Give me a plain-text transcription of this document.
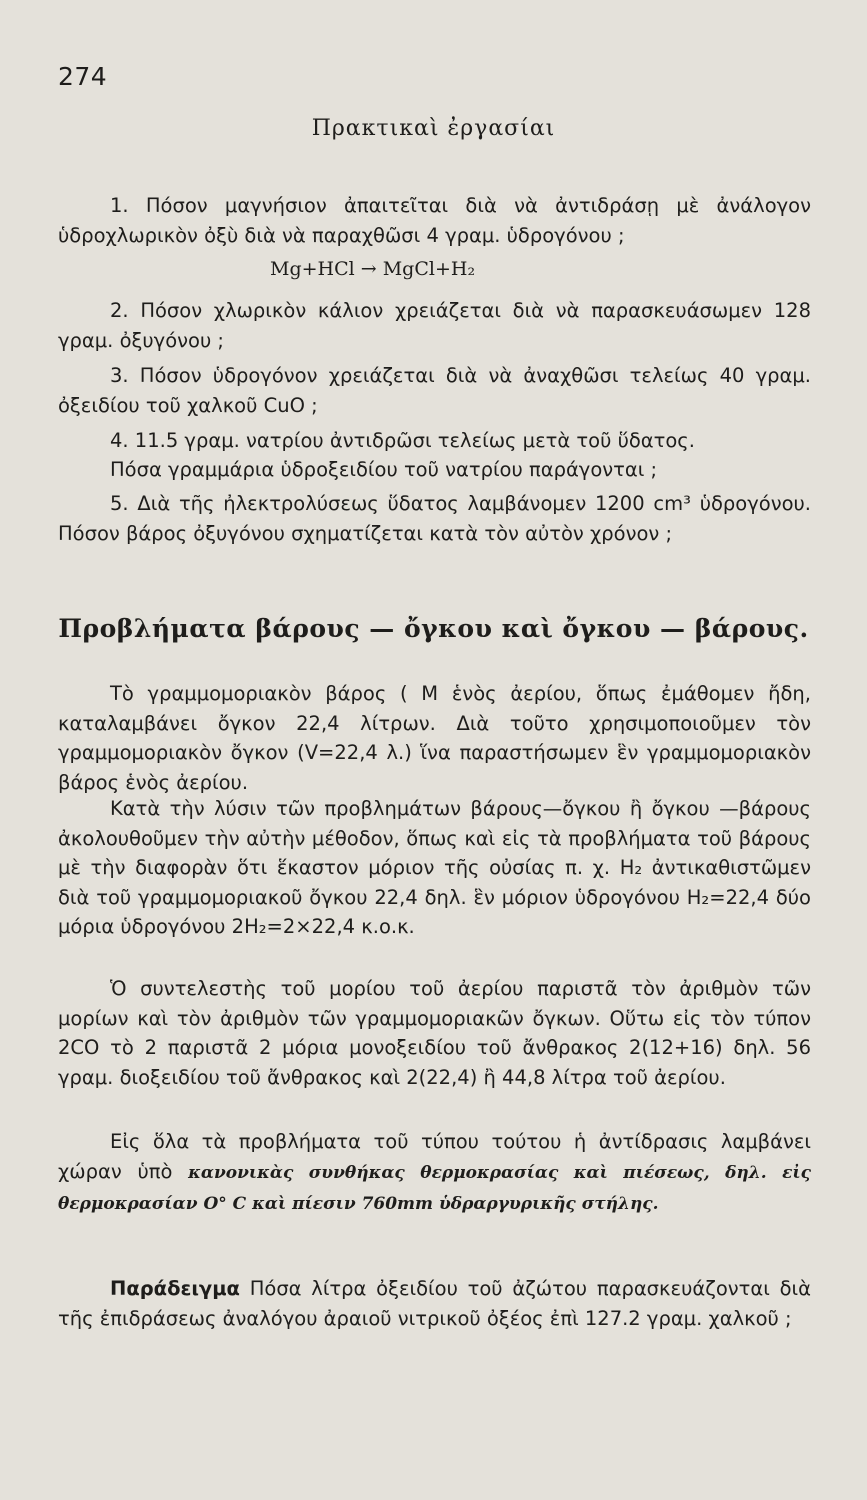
274
Πρακτικαὶ ἐργασίαι
1. Πόσον μαγνήσιον ἀπαιτεῖται διὰ νὰ ἀντιδράσῃ μὲ ἀνάλογον ὑδροχλωρικὸν ὀξὺ διὰ νὰ παραχθῶσι 4 γραμ. ὑδρογόνου ;
Mg+HCl → MgCl+H₂
2. Πόσον χλωρικὸν κάλιον χρειάζεται διὰ νὰ παρασκευάσωμεν 128 γραμ. ὀξυγόνου ;
3. Πόσον ὑδρογόνον χρειάζεται διὰ νὰ ἀναχθῶσι τελείως 40 γραμ. ὀξειδίου τοῦ χαλκοῦ CuO ;
4. 11.5 γραμ. νατρίου ἀντιδρῶσι τελείως μετὰ τοῦ ὕδατος.
Πόσα γραμμάρια ὑδροξειδίου τοῦ νατρίου παράγονται ;
5. Διὰ τῆς ἠλεκτρολύσεως ὕδατος λαμβάνομεν 1200 cm³ ὑδρογόνου. Πόσον βάρος ὀξυγόνου σχηματίζεται κατὰ τὸν αὐτὸν χρόνον ;
Προβλήματα βάρους — ὄγκου καὶ ὄγκου — βάρους.
Τὸ γραμμομοριακὸν βάρος ( M ἑνὸς ἀερίου, ὅπως ἐμάθομεν ἤδη, καταλαμβάνει ὄγκον 22,4 λίτρων. Διὰ τοῦτο χρησιμοποιοῦμεν τὸν γραμμομοριακὸν ὄγκον (V=22,4 λ.) ἵνα παραστήσωμεν ἓν γραμμομοριακὸν βάρος ἑνὸς ἀερίου.
Κατὰ τὴν λύσιν τῶν προβλημάτων βάρους—ὄγκου ἢ ὄγκου —βάρους ἀκολουθοῦμεν τὴν αὐτὴν μέθοδον, ὅπως καὶ εἰς τὰ προβλήματα τοῦ βάρους μὲ τὴν διαφορὰν ὅτι ἕκαστον μόριον τῆς οὐσίας π. χ. H₂ ἀντικαθιστῶμεν διὰ τοῦ γραμμομοριακοῦ ὄγκου 22,4 δηλ. ἓν μόριον ὑδρογόνου H₂=22,4 δύο μόρια ὑδρογόνου 2H₂=2×22,4 κ.ο.κ.
Ὁ συντελεστὴς τοῦ μορίου τοῦ ἀερίου παριστᾶ τὸν ἀριθμὸν τῶν μορίων καὶ τὸν ἀριθμὸν τῶν γραμμομοριακῶν ὄγκων. Οὕτω εἰς τὸν τύπον 2CO τὸ 2 παριστᾶ 2 μόρια μονοξειδίου τοῦ ἄνθρακος 2(12+16) δηλ. 56 γραμ. διοξειδίου τοῦ ἄνθρακος καὶ 2(22,4) ἢ 44,8 λίτρα τοῦ ἀερίου.
Εἰς ὅλα τὰ προβλήματα τοῦ τύπου τούτου ἡ ἀντίδρασις λαμβάνει χώραν ὑπὸ κανονικὰς συνθήκας θερμοκρασίας καὶ πιέσεως, δηλ. εἰς θερμοκρασίαν O° C καὶ πίεσιν 760mm ὑδραργυρικῆς στήλης.
Παράδειγμα Πόσα λίτρα ὀξειδίου τοῦ ἀζώτου παρασκευάζονται διὰ τῆς ἐπιδράσεως ἀναλόγου ἀραιοῦ νιτρικοῦ ὀξέος ἐπὶ 127.2 γραμ. χαλκοῦ ;
